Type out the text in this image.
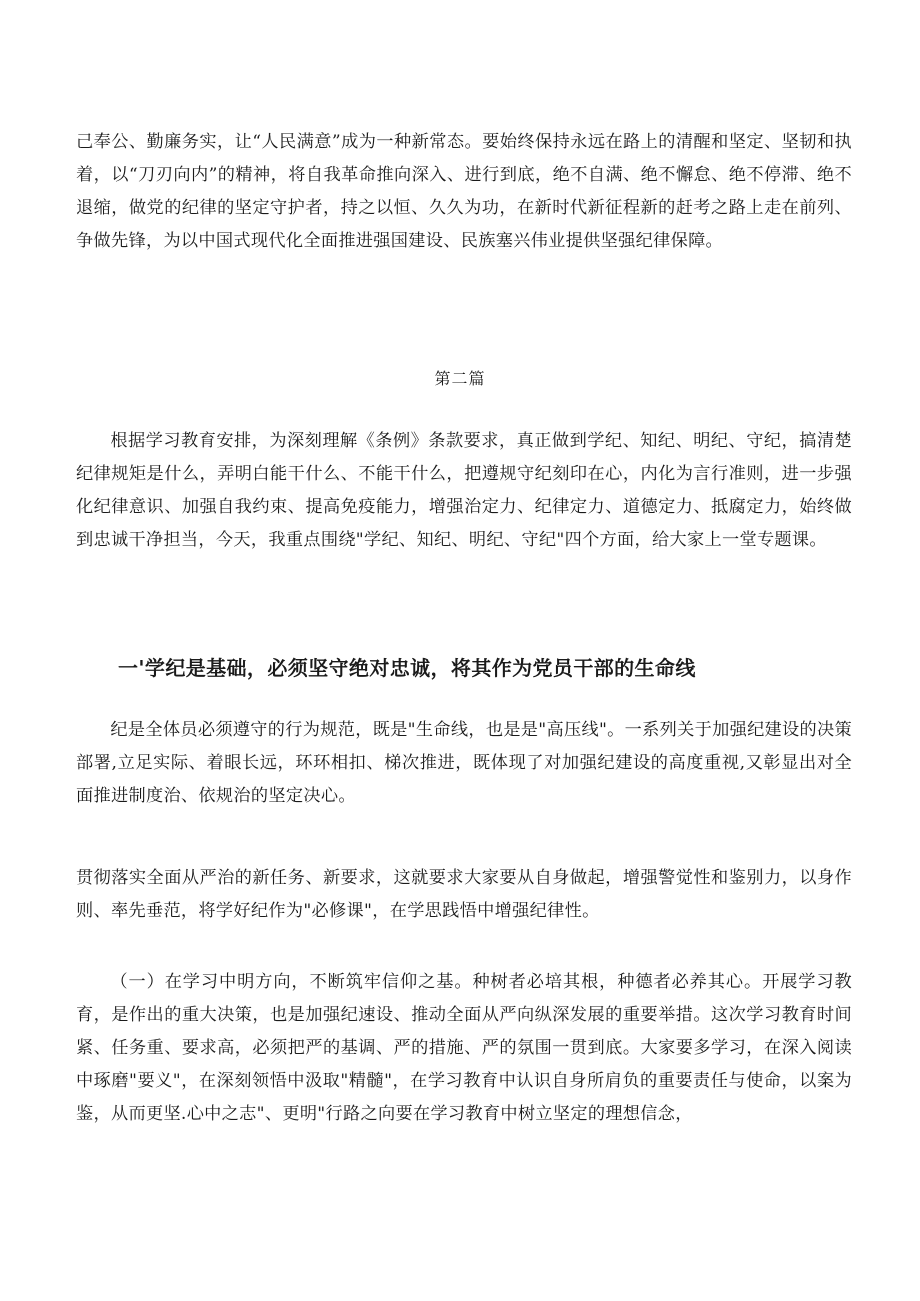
己奉公、勤廉务实，让“人民满意”成为一种新常态。要始终保持永远在路上的清醒和坚定、坚韧和执着，以“刀刃向内”的精神，将自我革命推向深入、进行到底，绝不自满、绝不懈怠、绝不停滞、绝不退缩，做党的纪律的坚定守护者，持之以恒、久久为功，在新时代新征程新的赶考之路上走在前列、争做先锋，为以中国式现代化全面推进强国建设、民族塞兴伟业提供坚强纪律保障。

第二篇

根据学习教育安排，为深刻理解《条例》条款要求，真正做到学纪、知纪、明纪、守纪，搞清楚纪律规矩是什么，弄明白能干什么、不能干什么，把遵规守纪刻印在心，内化为言行准则，进一步强化纪律意识、加强自我约束、提高免疫能力，增强治定力、纪律定力、道德定力、抵腐定力，始终做到忠诚干净担当，今天，我重点围绕"学纪、知纪、明纪、守纪"四个方面，给大家上一堂专题课。

一'学纪是基础，必须坚守绝对忠诚，将其作为党员干部的生命线

纪是全体员必须遵守的行为规范，既是"生命线，也是是"高压线"。一系列关于加强纪建设的决策部署,立足实际、着眼长远，环环相扣、梯次推进，既体现了对加强纪建设的高度重视,又彰显出对全面推进制度治、依规治的坚定决心。

贯彻落实全面从严治的新任务、新要求，这就要求大家要从自身做起，增强警觉性和鉴别力，以身作则、率先垂范，将学好纪作为"必修课"，在学思践悟中增强纪律性。

（一）在学习中明方向，不断筑牢信仰之基。种树者必培其根，种德者必养其心。开展学习教育，是作出的重大决策，也是加强纪速设、推动全面从严向纵深发展的重要举措。这次学习教育时间紧、任务重、要求高，必须把严的基调、严的措施、严的氛围一贯到底。大家要多学习，在深入阅读中琢磨"要义"，在深刻领悟中汲取"精髓"，在学习教育中认识自身所肩负的重要责任与使命，以案为鉴，从而更坚.心中之志"、更明"行路之向要在学习教育中树立坚定的理想信念，
